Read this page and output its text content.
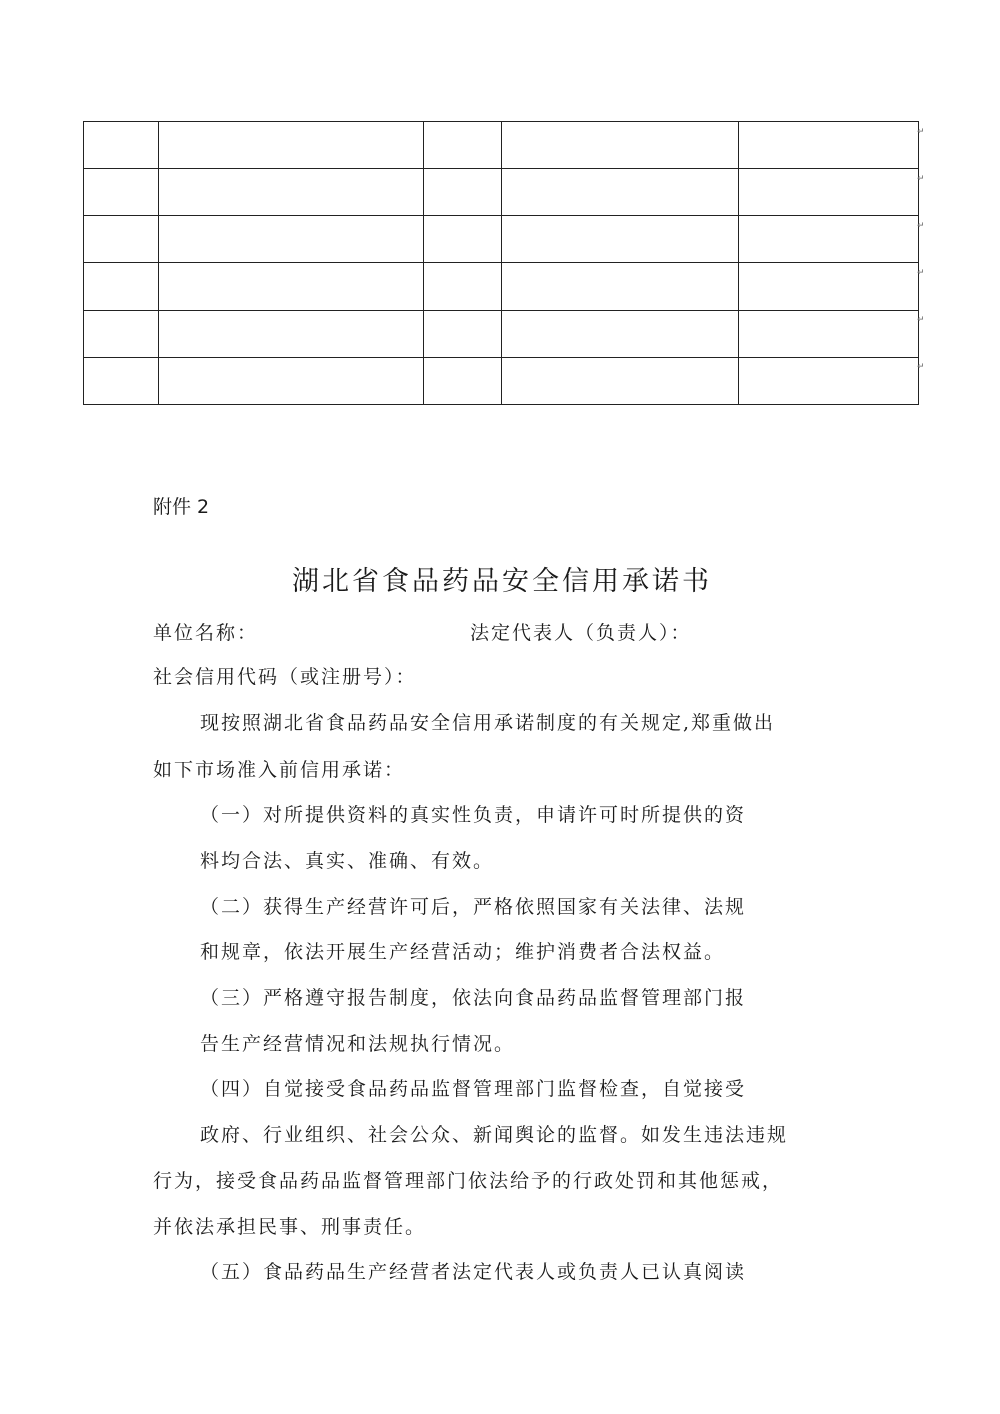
↵
↵
↵
↵
↵
↵
附件 2
湖北省食品药品安全信用承诺书
单位名称：	法定代表人（负责人）：
社会信用代码（或注册号）：
现按照湖北省食品药品安全信用承诺制度的有关规定,郑重做出
如下市场准入前信用承诺：
（一）对所提供资料的真实性负责，申请许可时所提供的资
料均合法、真实、准确、有效。
（二）获得生产经营许可后，严格依照国家有关法律、法规
和规章，依法开展生产经营活动；维护消费者合法权益。
（三）严格遵守报告制度，依法向食品药品监督管理部门报
告生产经营情况和法规执行情况。
（四）自觉接受食品药品监督管理部门监督检查，自觉接受
政府、行业组织、社会公众、新闻舆论的监督。如发生违法违规
行为，接受食品药品监督管理部门依法给予的行政处罚和其他惩戒，
并依法承担民事、刑事责任。
（五）食品药品生产经营者法定代表人或负责人已认真阅读
